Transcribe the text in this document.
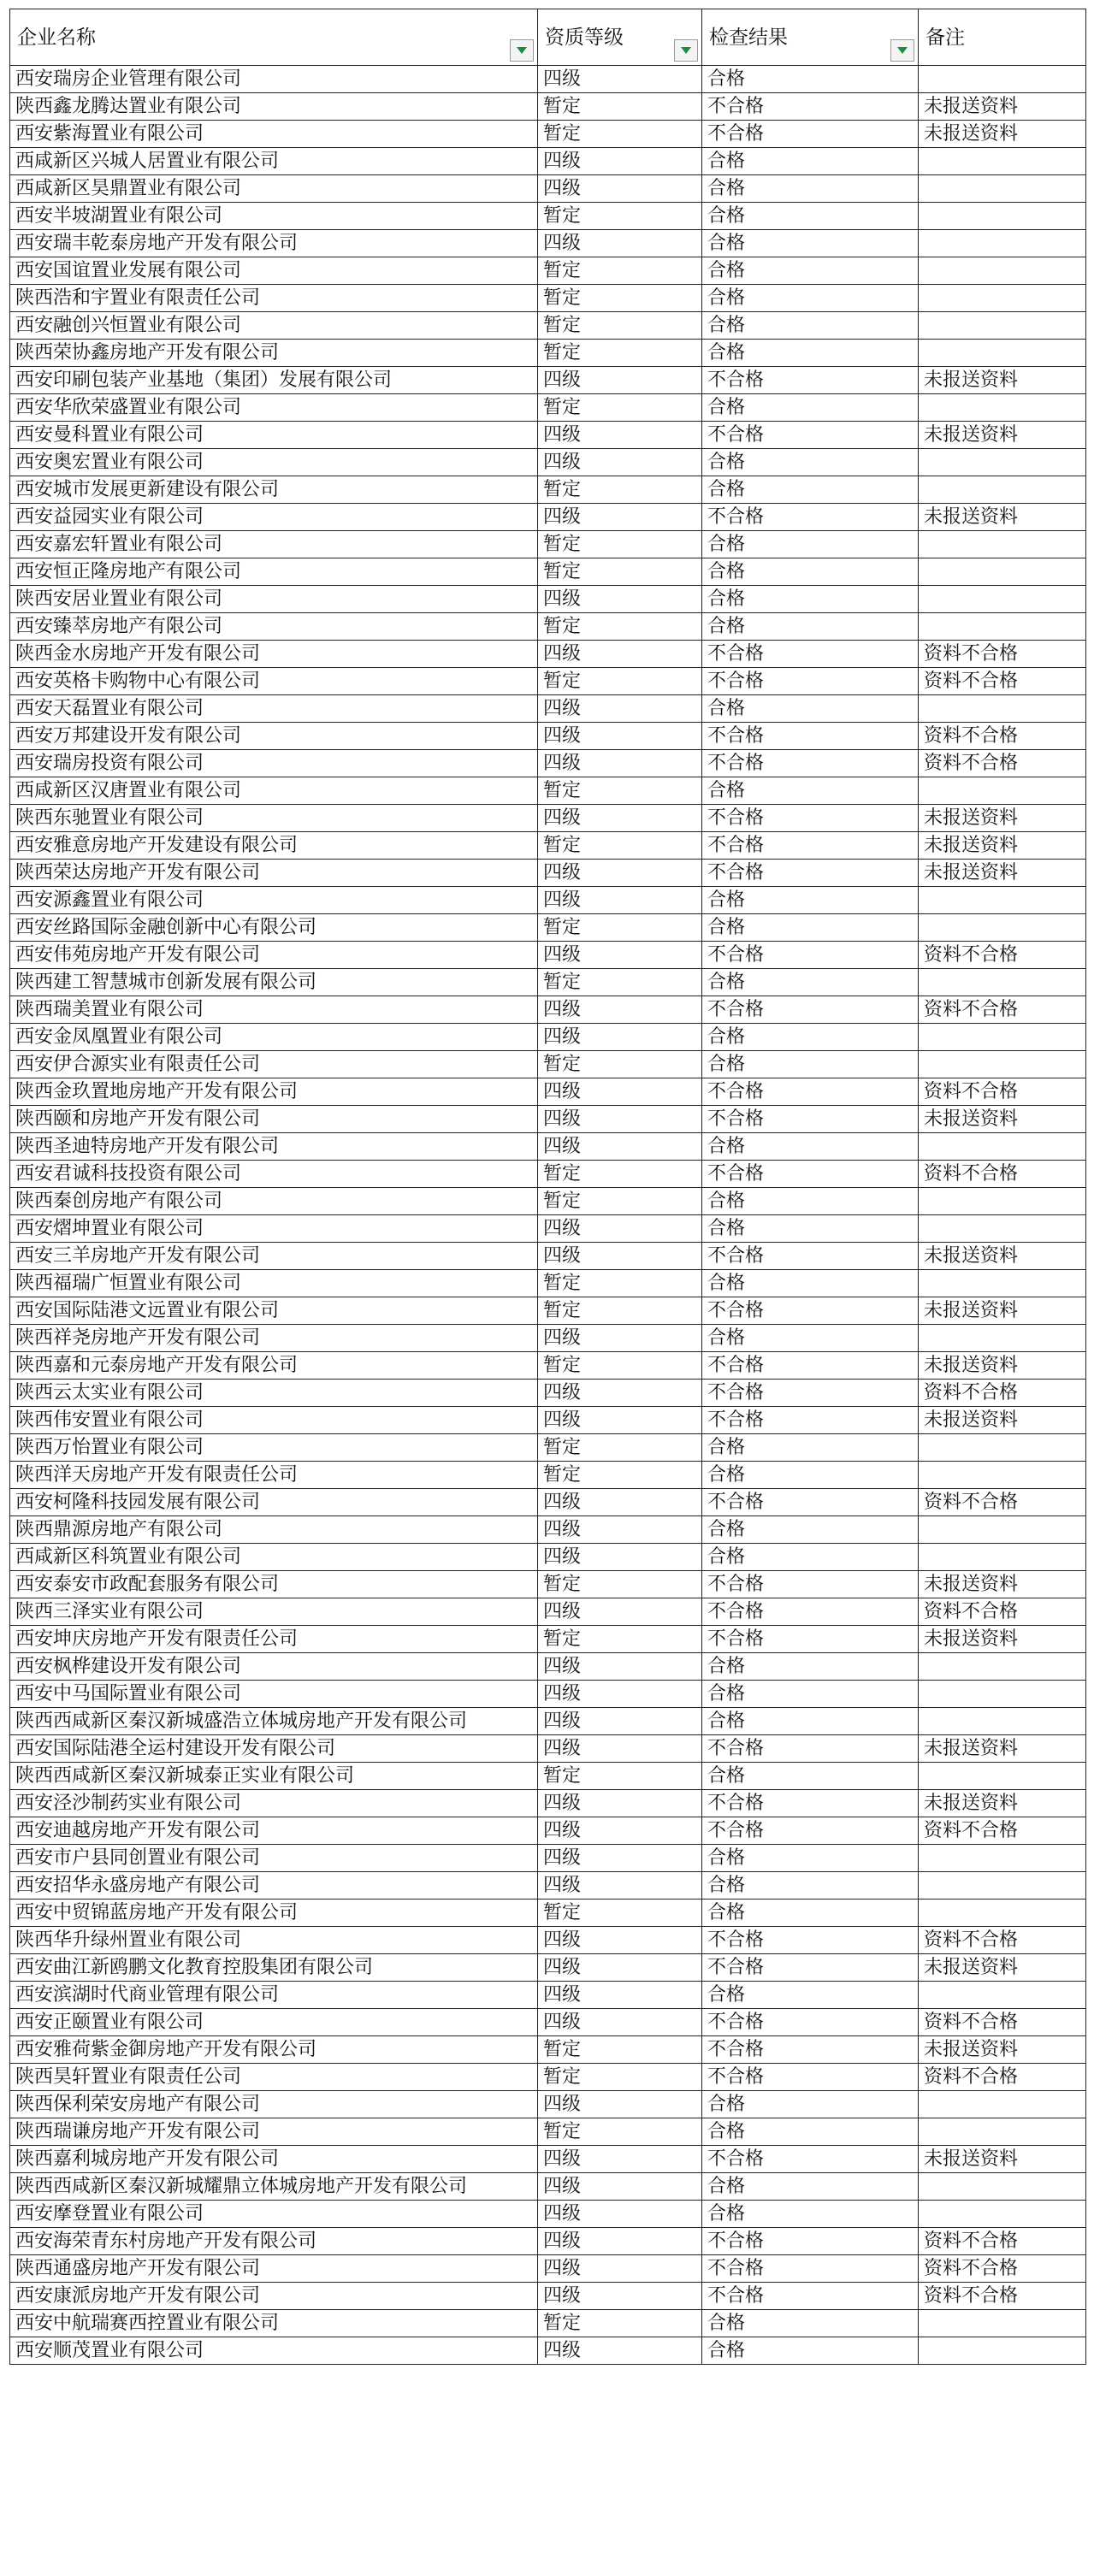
企业名称	资质等级	检查结果	备注
西安瑞房企业管理有限公司	四级	合格	
陕西鑫龙腾达置业有限公司	暂定	不合格	未报送资料
西安紫海置业有限公司	暂定	不合格	未报送资料
西咸新区兴城人居置业有限公司	四级	合格	
西咸新区昊鼎置业有限公司	四级	合格	
西安半坡湖置业有限公司	暂定	合格	
西安瑞丰乾泰房地产开发有限公司	四级	合格	
西安国谊置业发展有限公司	暂定	合格	
陕西浩和宇置业有限责任公司	暂定	合格	
西安融创兴恒置业有限公司	暂定	合格	
陕西荣协鑫房地产开发有限公司	暂定	合格	
西安印刷包装产业基地（集团）发展有限公司	四级	不合格	未报送资料
西安华欣荣盛置业有限公司	暂定	合格	
西安曼科置业有限公司	四级	不合格	未报送资料
西安奥宏置业有限公司	四级	合格	
西安城市发展更新建设有限公司	暂定	合格	
西安益园实业有限公司	四级	不合格	未报送资料
西安嘉宏轩置业有限公司	暂定	合格	
西安恒正隆房地产有限公司	暂定	合格	
陕西安居业置业有限公司	四级	合格	
西安臻萃房地产有限公司	暂定	合格	
陕西金水房地产开发有限公司	四级	不合格	资料不合格
西安英格卡购物中心有限公司	暂定	不合格	资料不合格
西安天磊置业有限公司	四级	合格	
西安万邦建设开发有限公司	四级	不合格	资料不合格
西安瑞房投资有限公司	四级	不合格	资料不合格
西咸新区汉唐置业有限公司	暂定	合格	
陕西东驰置业有限公司	四级	不合格	未报送资料
西安雅意房地产开发建设有限公司	暂定	不合格	未报送资料
陕西荣达房地产开发有限公司	四级	不合格	未报送资料
西安源鑫置业有限公司	四级	合格	
西安丝路国际金融创新中心有限公司	暂定	合格	
西安伟苑房地产开发有限公司	四级	不合格	资料不合格
陕西建工智慧城市创新发展有限公司	暂定	合格	
陕西瑞美置业有限公司	四级	不合格	资料不合格
西安金凤凰置业有限公司	四级	合格	
西安伊合源实业有限责任公司	暂定	合格	
陕西金玖置地房地产开发有限公司	四级	不合格	资料不合格
陕西颐和房地产开发有限公司	四级	不合格	未报送资料
陕西圣迪特房地产开发有限公司	四级	合格	
西安君诚科技投资有限公司	暂定	不合格	资料不合格
陕西秦创房地产有限公司	暂定	合格	
西安熠坤置业有限公司	四级	合格	
西安三羊房地产开发有限公司	四级	不合格	未报送资料
陕西福瑞广恒置业有限公司	暂定	合格	
西安国际陆港文远置业有限公司	暂定	不合格	未报送资料
陕西祥尧房地产开发有限公司	四级	合格	
陕西嘉和元泰房地产开发有限公司	暂定	不合格	未报送资料
陕西云太实业有限公司	四级	不合格	资料不合格
陕西伟安置业有限公司	四级	不合格	未报送资料
陕西万怡置业有限公司	暂定	合格	
陕西洋天房地产开发有限责任公司	暂定	合格	
西安柯隆科技园发展有限公司	四级	不合格	资料不合格
陕西鼎源房地产有限公司	四级	合格	
西咸新区科筑置业有限公司	四级	合格	
西安泰安市政配套服务有限公司	暂定	不合格	未报送资料
陕西三泽实业有限公司	四级	不合格	资料不合格
西安坤庆房地产开发有限责任公司	暂定	不合格	未报送资料
西安枫桦建设开发有限公司	四级	合格	
西安中马国际置业有限公司	四级	合格	
陕西西咸新区秦汉新城盛浩立体城房地产开发有限公司	四级	合格	
西安国际陆港全运村建设开发有限公司	四级	不合格	未报送资料
陕西西咸新区秦汉新城泰正实业有限公司	暂定	合格	
西安泾沙制药实业有限公司	四级	不合格	未报送资料
西安迪越房地产开发有限公司	四级	不合格	资料不合格
西安市户县同创置业有限公司	四级	合格	
西安招华永盛房地产有限公司	四级	合格	
西安中贸锦蓝房地产开发有限公司	暂定	合格	
陕西华升绿州置业有限公司	四级	不合格	资料不合格
西安曲江新鸥鹏文化教育控股集团有限公司	四级	不合格	未报送资料
西安滨湖时代商业管理有限公司	四级	合格	
西安正颐置业有限公司	四级	不合格	资料不合格
西安雅荷紫金御房地产开发有限公司	暂定	不合格	未报送资料
陕西昊轩置业有限责任公司	暂定	不合格	资料不合格
陕西保利荣安房地产有限公司	四级	合格	
陕西瑞谦房地产开发有限公司	暂定	合格	
陕西嘉利城房地产开发有限公司	四级	不合格	未报送资料
陕西西咸新区秦汉新城耀鼎立体城房地产开发有限公司	四级	合格	
西安摩登置业有限公司	四级	合格	
西安海荣青东村房地产开发有限公司	四级	不合格	资料不合格
陕西通盛房地产开发有限公司	四级	不合格	资料不合格
西安康派房地产开发有限公司	四级	不合格	资料不合格
西安中航瑞赛西控置业有限公司	暂定	合格	
西安顺茂置业有限公司	四级	合格	
